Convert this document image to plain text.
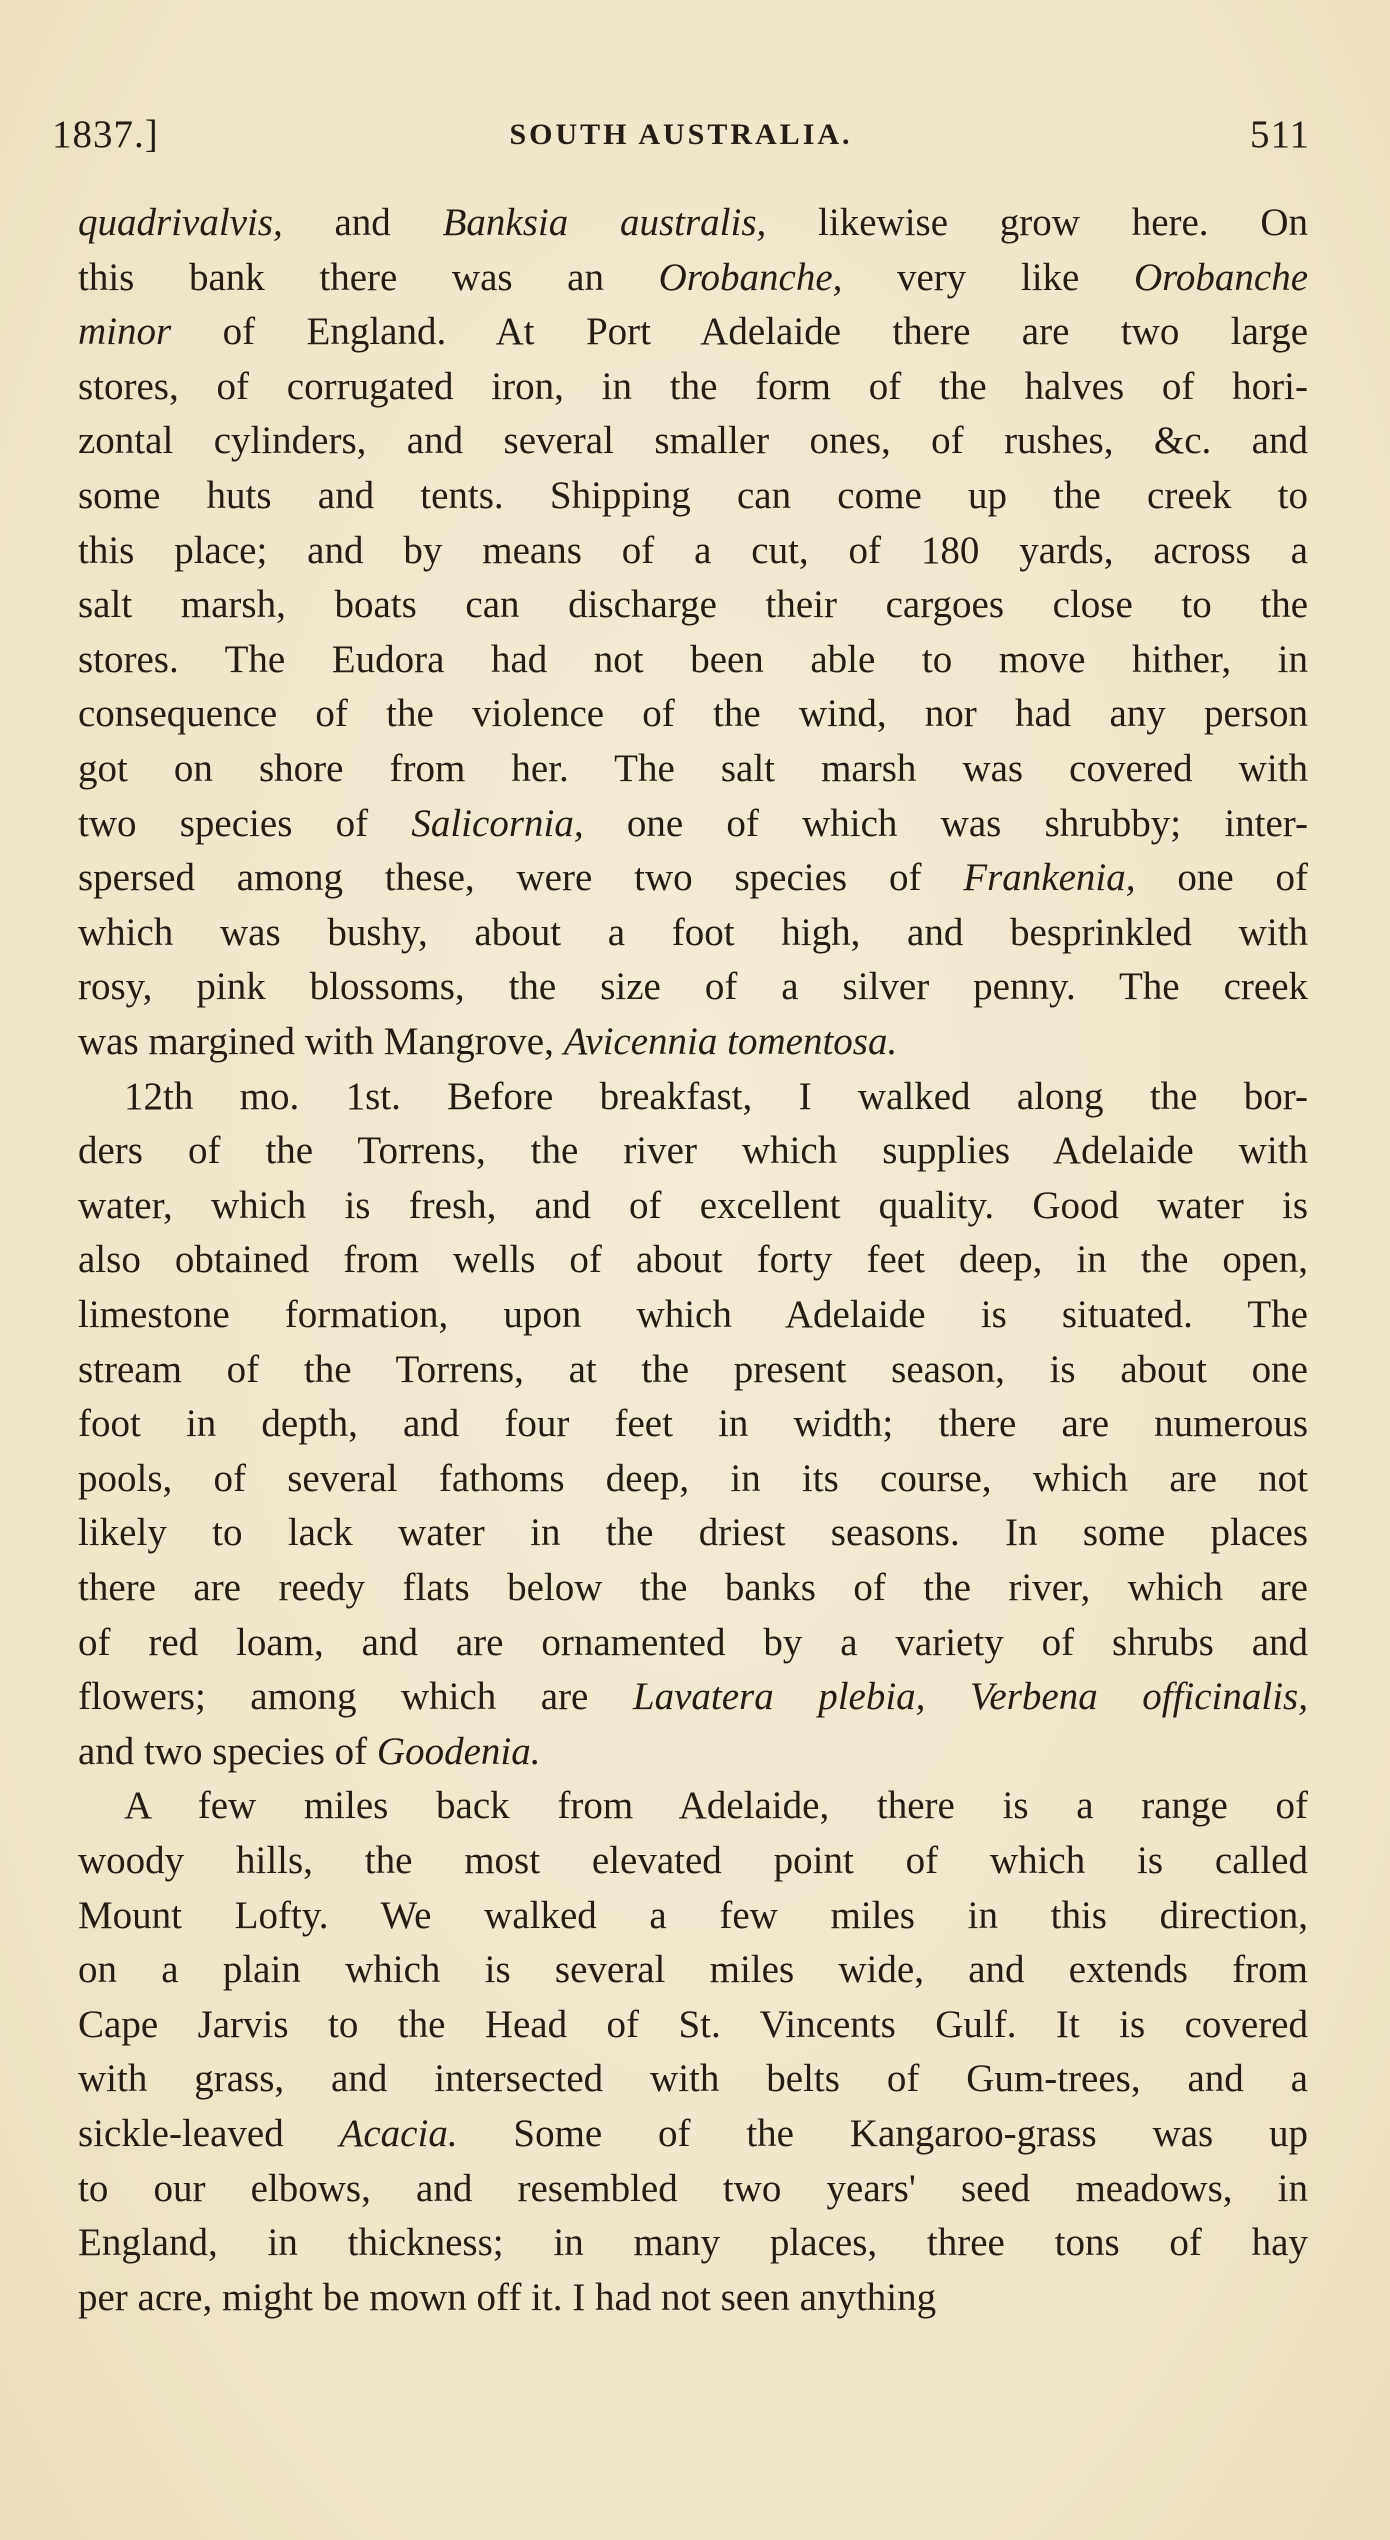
1837.]	SOUTH AUSTRALIA.	511
quadrivalvis, and Banksia australis, likewise grow here. On
this bank there was an Orobanche, very like Orobanche
minor of England. At Port Adelaide there are two large
stores, of corrugated iron, in the form of the halves of hori-
zontal cylinders, and several smaller ones, of rushes, &c. and
some huts and tents. Shipping can come up the creek to
this place; and by means of a cut, of 180 yards, across a
salt marsh, boats can discharge their cargoes close to the
stores. The Eudora had not been able to move hither, in
consequence of the violence of the wind, nor had any person
got on shore from her. The salt marsh was covered with
two species of Salicornia, one of which was shrubby; inter-
spersed among these, were two species of Frankenia, one of
which was bushy, about a foot high, and besprinkled with
rosy, pink blossoms, the size of a silver penny. The creek
was margined with Mangrove, Avicennia tomentosa.
12th mo. 1st. Before breakfast, I walked along the bor-
ders of the Torrens, the river which supplies Adelaide with
water, which is fresh, and of excellent quality. Good water is
also obtained from wells of about forty feet deep, in the open,
limestone formation, upon which Adelaide is situated. The
stream of the Torrens, at the present season, is about one
foot in depth, and four feet in width; there are numerous
pools, of several fathoms deep, in its course, which are not
likely to lack water in the driest seasons. In some places
there are reedy flats below the banks of the river, which are
of red loam, and are ornamented by a variety of shrubs and
flowers; among which are Lavatera plebia, Verbena officinalis,
and two species of Goodenia.
A few miles back from Adelaide, there is a range of
woody hills, the most elevated point of which is called
Mount Lofty. We walked a few miles in this direction,
on a plain which is several miles wide, and extends from
Cape Jarvis to the Head of St. Vincents Gulf. It is covered
with grass, and intersected with belts of Gum-trees, and a
sickle-leaved Acacia. Some of the Kangaroo-grass was up
to our elbows, and resembled two years' seed meadows, in
England, in thickness; in many places, three tons of hay
per acre, might be mown off it. I had not seen anything
